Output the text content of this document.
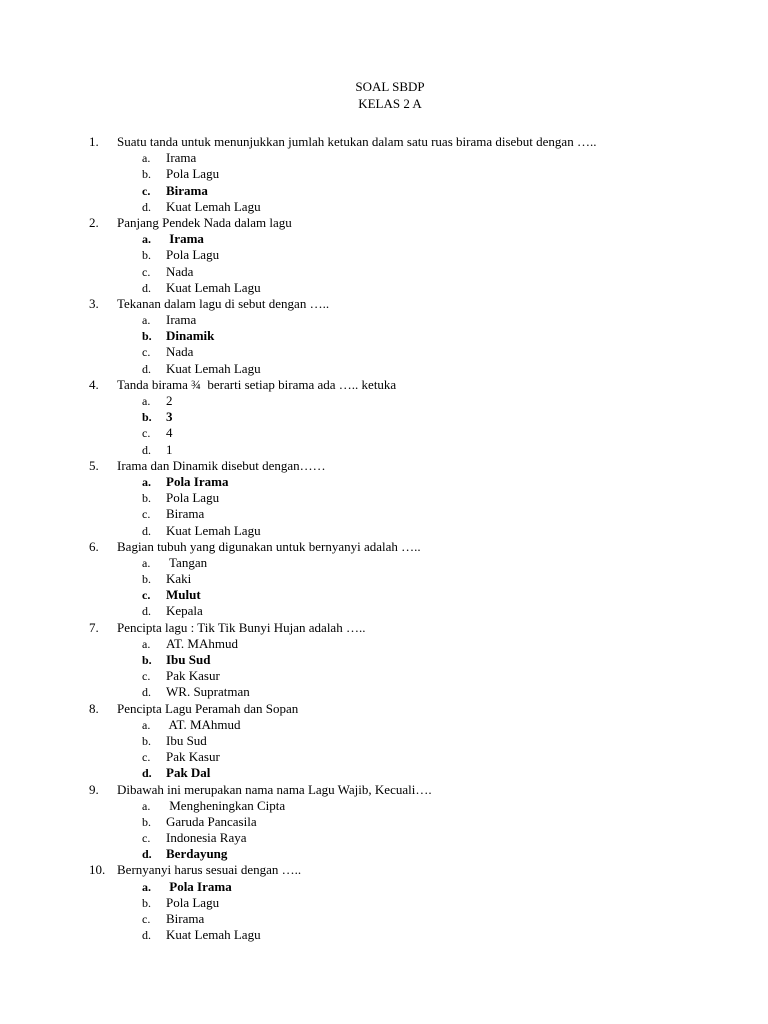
SOAL SBDP
KELAS 2 A
1. Suatu tanda untuk menunjukkan jumlah ketukan dalam satu ruas birama disebut dengan …..
a. Irama
b. Pola Lagu
c. Birama
d. Kuat Lemah Lagu
2. Panjang Pendek Nada dalam lagu
a. Irama
b. Pola Lagu
c. Nada
d. Kuat Lemah Lagu
3. Tekanan dalam lagu di sebut dengan …..
a. Irama
b. Dinamik
c. Nada
d. Kuat Lemah Lagu
4. Tanda birama ¾  berarti setiap birama ada ….. ketuka
a. 2
b. 3
c. 4
d. 1
5. Irama dan Dinamik disebut dengan……
a. Pola Irama
b. Pola Lagu
c. Birama
d. Kuat Lemah Lagu
6. Bagian tubuh yang digunakan untuk bernyanyi adalah …..
a. Tangan
b. Kaki
c. Mulut
d. Kepala
7. Pencipta lagu : Tik Tik Bunyi Hujan adalah …..
a. AT. MAhmud
b. Ibu Sud
c. Pak Kasur
d. WR. Supratman
8. Pencipta Lagu Peramah dan Sopan
a. AT. MAhmud
b. Ibu Sud
c. Pak Kasur
d. Pak Dal
9. Dibawah ini merupakan nama nama Lagu Wajib, Kecuali….
a. Mengheningkan Cipta
b. Garuda Pancasila
c. Indonesia Raya
d. Berdayung
10. Bernyanyi harus sesuai dengan …..
a. Pola Irama
b. Pola Lagu
c. Birama
d. Kuat Lemah Lagu
